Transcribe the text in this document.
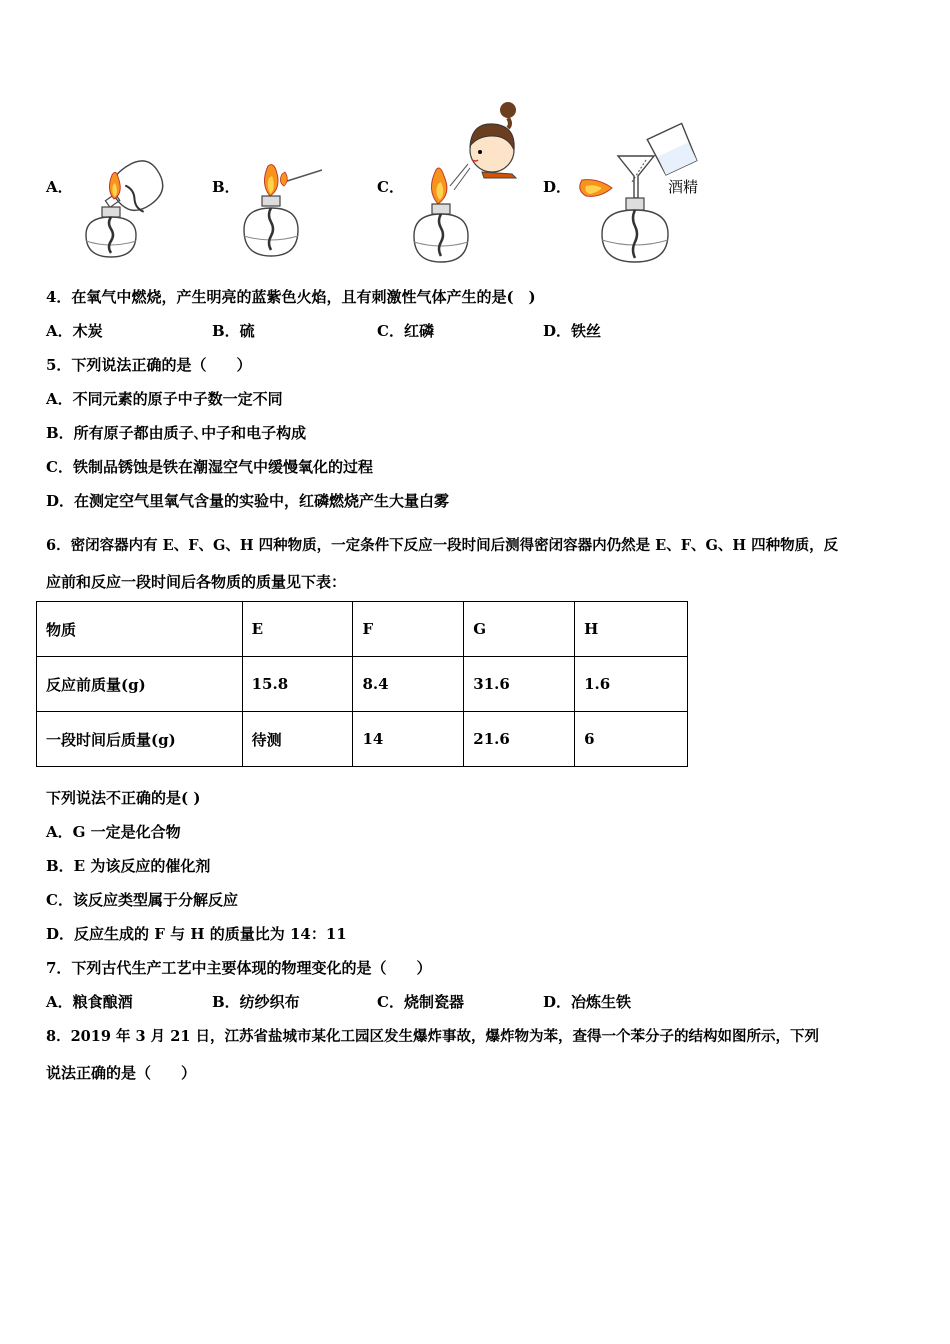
A．	B．	C．	D．	酒精
4．在氧气中燃烧，产生明亮的蓝紫色火焰，且有刺激性气体产生的是(　)
A．木炭	B．硫	C．红磷	D．铁丝
5．下列说法正确的是（　　）
A．不同元素的原子中子数一定不同
B．所有原子都由质子､中子和电子构成
C．铁制品锈蚀是铁在潮湿空气中缓慢氧化的过程
D．在测定空气里氧气含量的实验中，红磷燃烧产生大量白雾
6．密闭容器内有 E、F、G、H 四种物质，一定条件下反应一段时间后测得密闭容器内仍然是 E、F、G、H 四种物质，反
应前和反应一段时间后各物质的质量见下表：
物质	E	F	G	H
反应前质量(g)	15.8	8.4	31.6	1.6
一段时间后质量(g)	待测	14	21.6	6
下列说法不正确的是( )
A．G 一定是化合物
B．E 为该反应的催化剂
C．该反应类型属于分解反应
D．反应生成的 F 与 H 的质量比为 14：11
7．下列古代生产工艺中主要体现的物理变化的是（　　）
A．粮食酿酒	B．纺纱织布	C．烧制瓷器	D．冶炼生铁
8．2019 年 3 月 21 日，江苏省盐城市某化工园区发生爆炸事故，爆炸物为苯，查得一个苯分子的结构如图所示，下列
说法正确的是（　　）
